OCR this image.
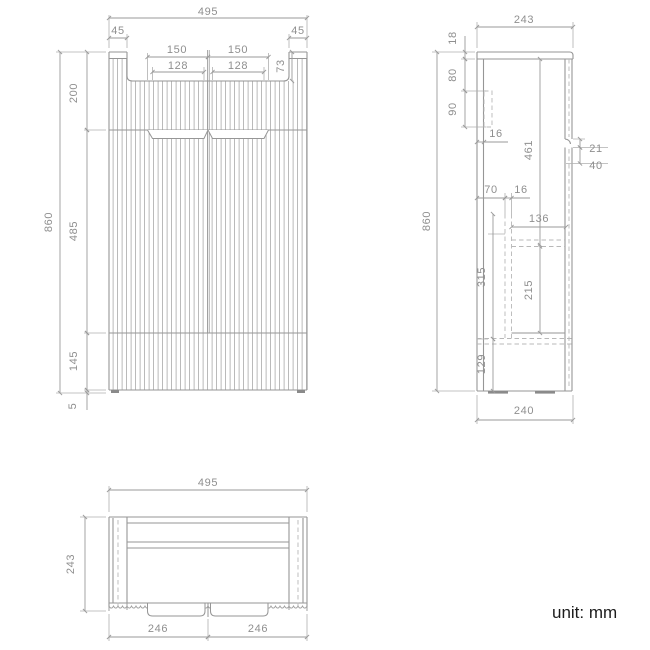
495
45	45
150	150
128	128 73
860
200
485
145
5
243
18
80
90
16
461	21
40
70 16
136
215
315
129
860
240
495
243
246	246
unit: mm
